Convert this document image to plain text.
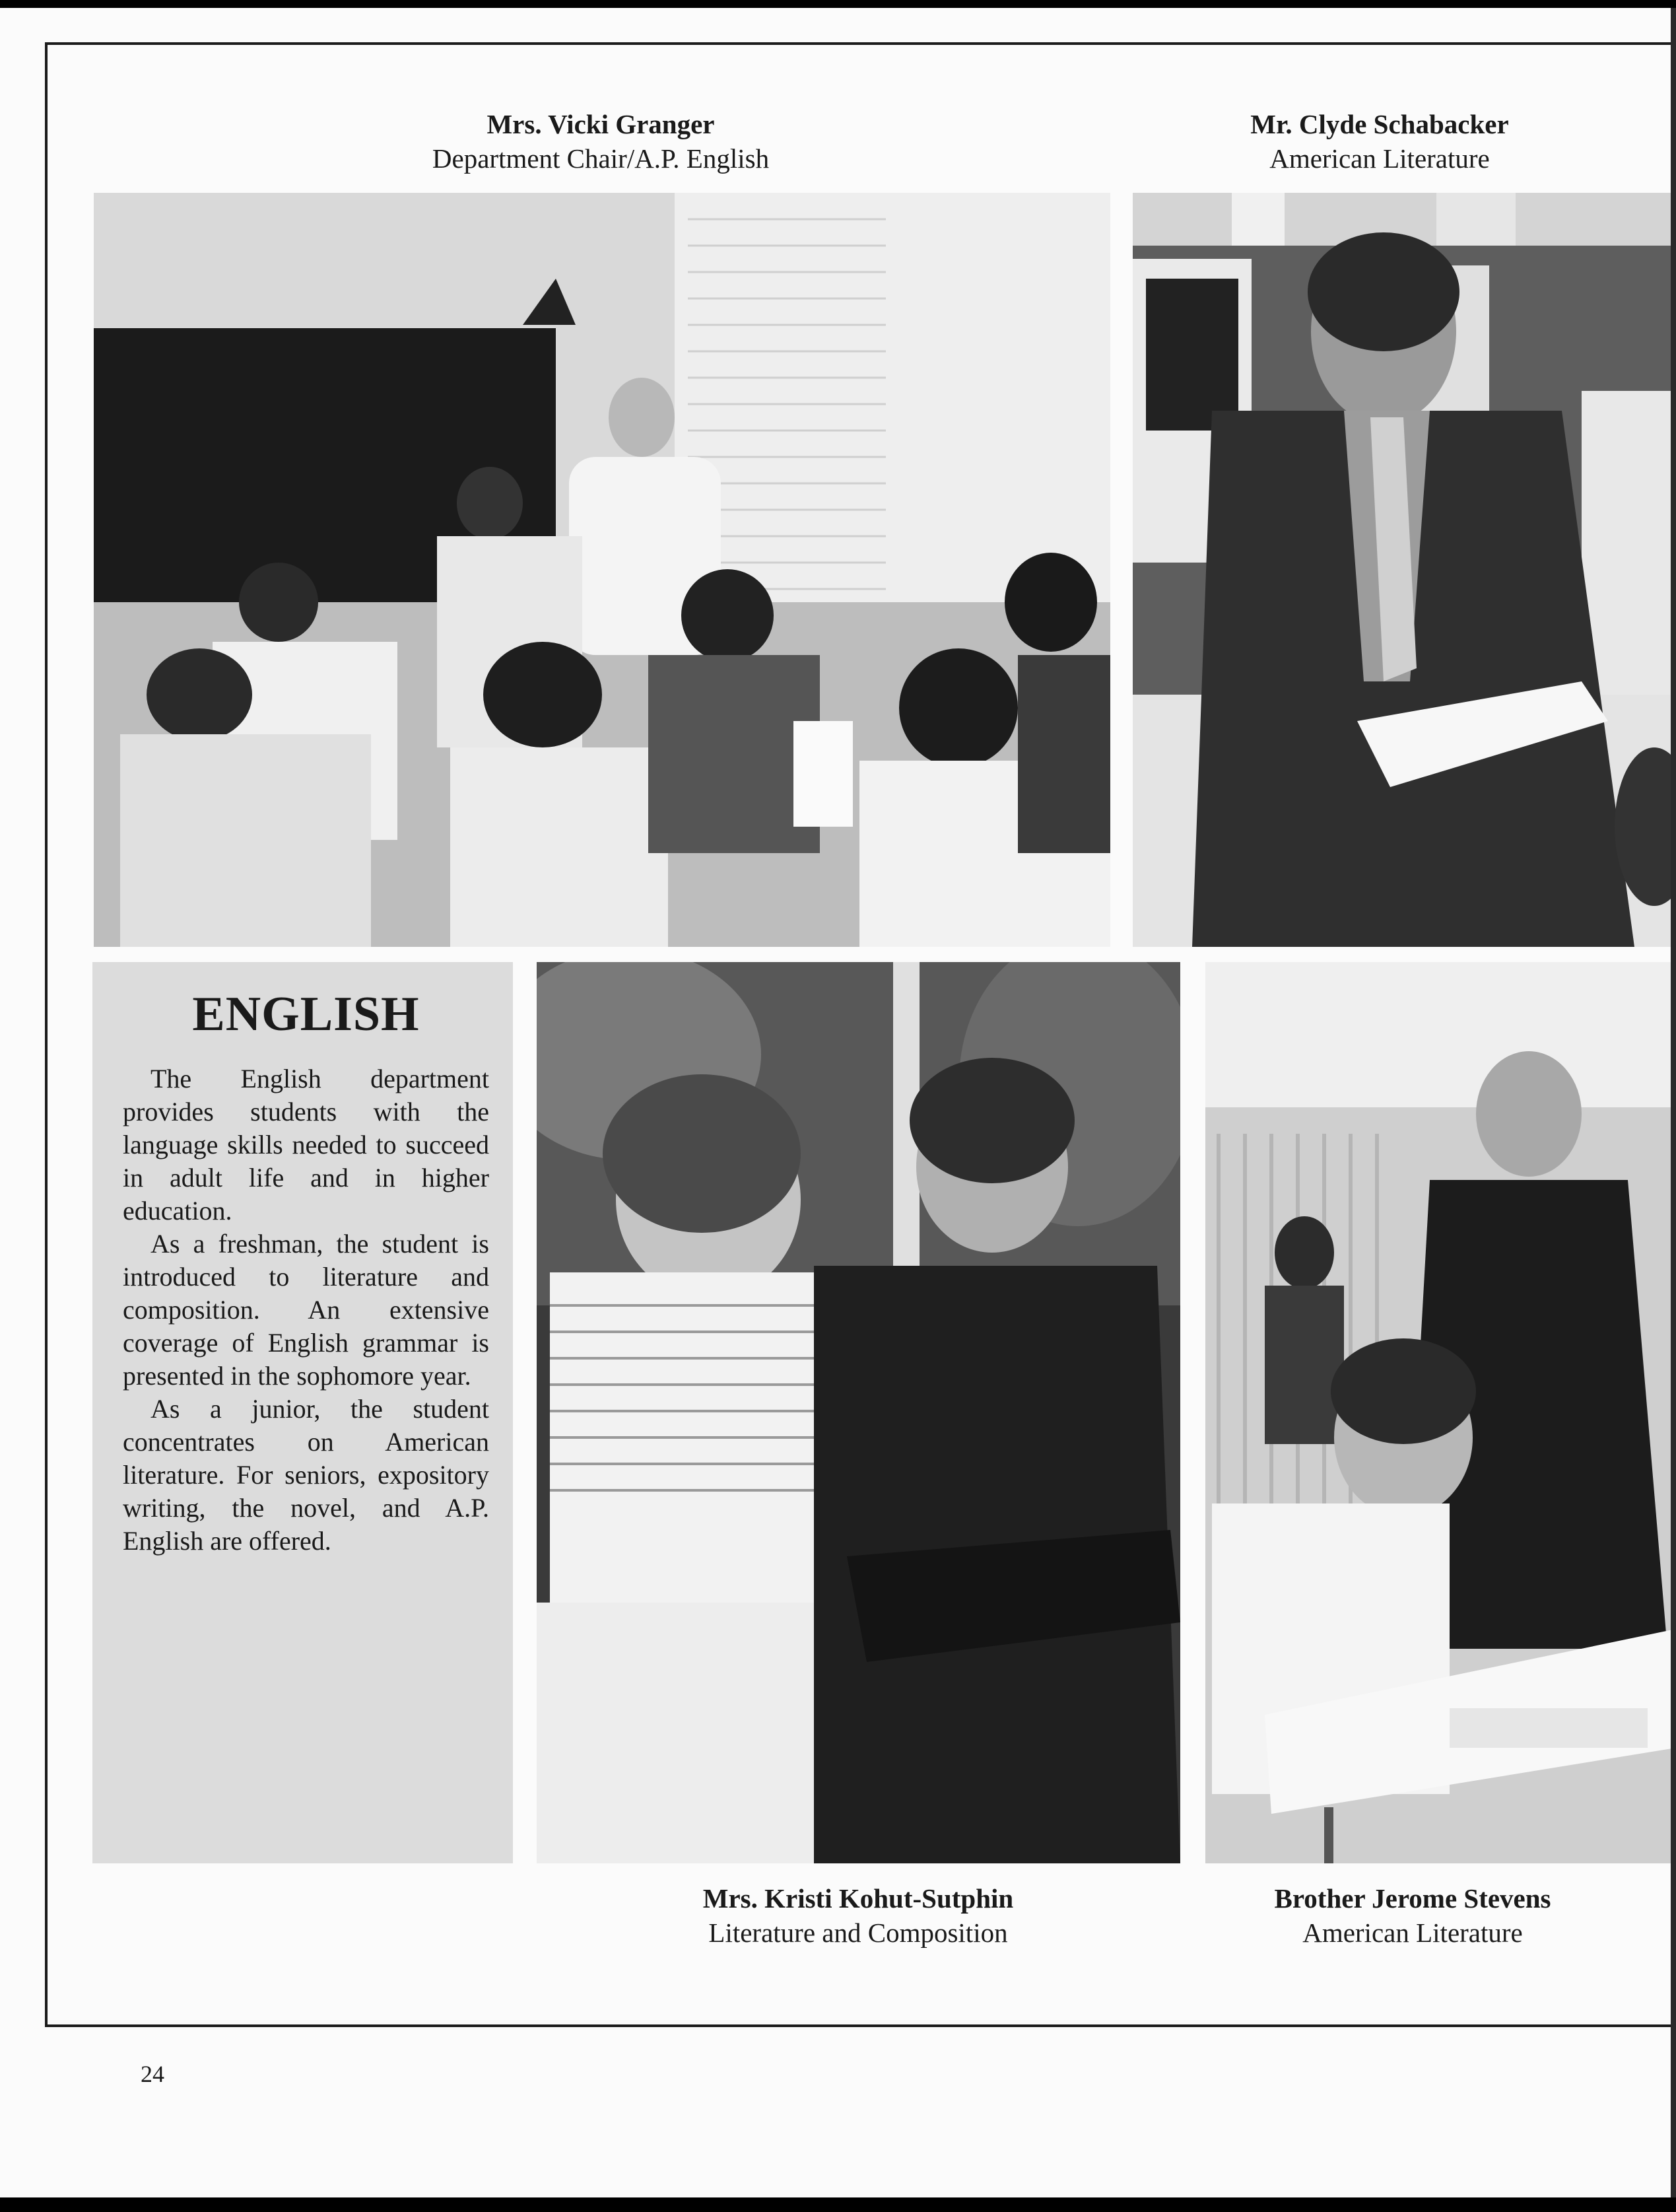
Mrs. Vicki Granger
Department Chair/A.P. English
Mr. Clyde Schabacker
American Literature
ENGLISH

The English department provides students with the language skills needed to succeed in adult life and in higher education.

As a freshman, the student is introduced to literature and composition. An extensive coverage of English grammar is presented in the sophomore year.

As a junior, the student concentrates on American literature. For seniors, expository writing, the novel, and A.P. English are offered.

Mrs. Kristi Kohut-Sutphin
Literature and Composition
Brother Jerome Stevens
American Literature
24
